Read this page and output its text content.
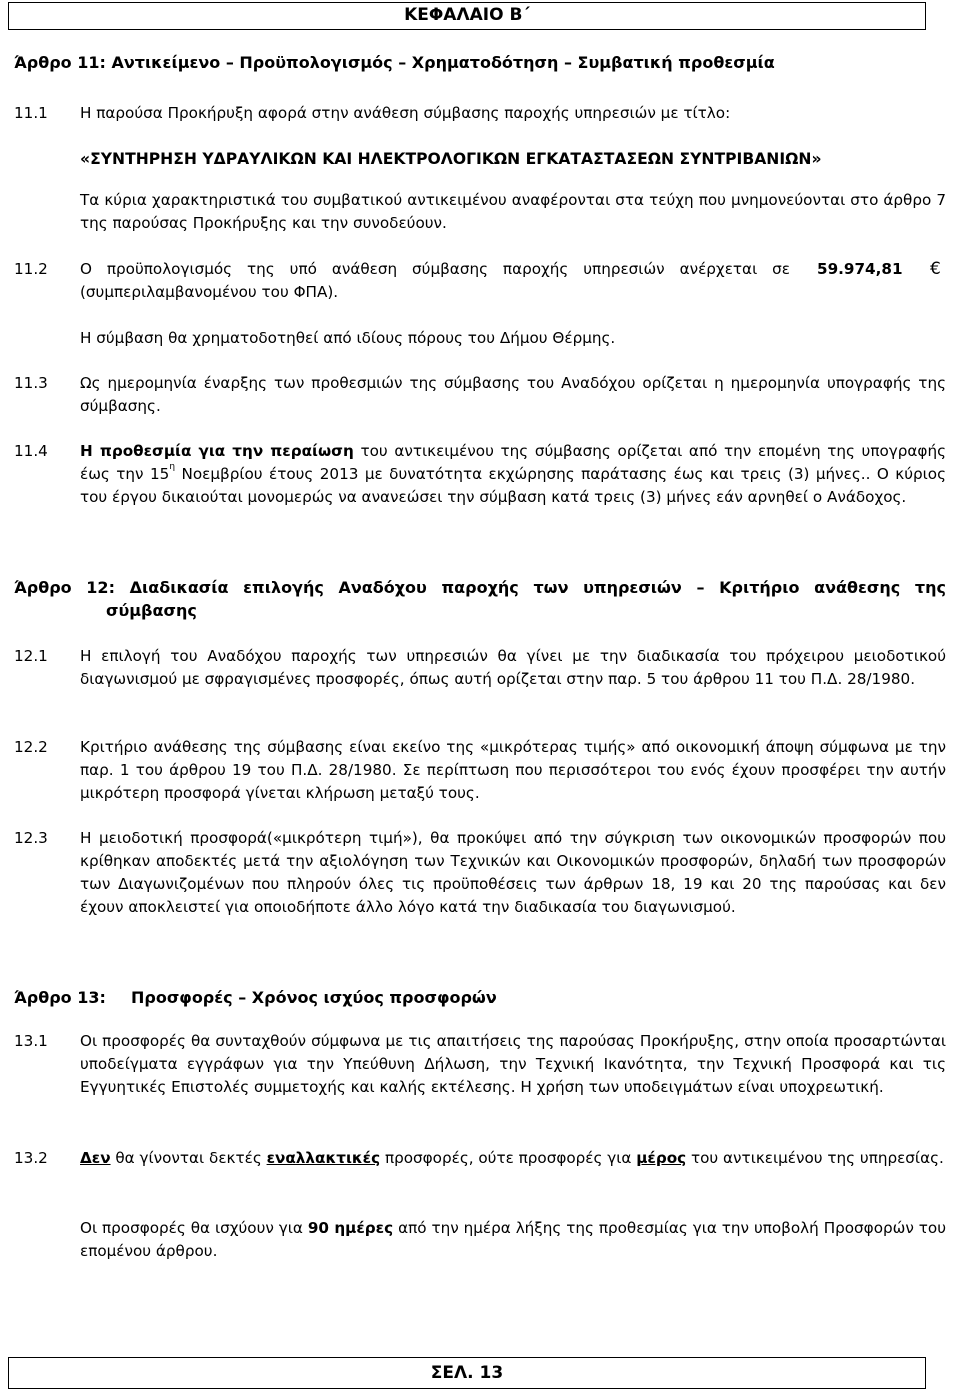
ΚΕΦΑΛΑΙΟ Β΄
Άρθρο 11: Αντικείμενο – Προϋπολογισμός – Χρηματοδότηση – Συμβατική προθεσμία
11.1 Η παρούσα Προκήρυξη αφορά στην ανάθεση σύμβασης παροχής υπηρεσιών με τίτλο:
«ΣΥΝΤΗΡΗΣΗ ΥΔΡΑΥΛΙΚΩΝ ΚΑΙ ΗΛΕΚΤΡΟΛΟΓΙΚΩΝ ΕΓΚΑΤΑΣΤΑΣΕΩΝ ΣΥΝΤΡΙΒΑΝΙΩΝ»
Τα κύρια χαρακτηριστικά του συμβατικού αντικειμένου αναφέρονται στα τεύχη που μνημονεύονται στο άρθρο 7 της παρούσας Προκήρυξης και την συνοδεύουν.
11.2 Ο προϋπολογισμός της υπό ανάθεση σύμβασης παροχής υπηρεσιών ανέρχεται σε 59.974,81 €
(συμπεριλαμβανομένου του ΦΠΑ).
Η σύμβαση θα χρηματοδοτηθεί από ιδίους πόρους του Δήμου Θέρμης.
11.3 Ως ημερομηνία έναρξης των προθεσμιών της σύμβασης του Αναδόχου ορίζεται η ημερομηνία υπογραφής της σύμβασης.
11.4 Η προθεσμία για την περαίωση του αντικειμένου της σύμβασης ορίζεται από την επομένη της υπογραφής έως την $15^\eta$ Νοεμβρίου έτους 2013 με δυνατότητα εκχώρησης παράτασης έως και τρεις (3) μήνες.. Ο κύριος του έργου δικαιούται μονομερώς να ανανεώσει την σύμβαση κατά τρεις (3) μήνες εάν αρνηθεί ο Ανάδοχος.
Άρθρο 12: Διαδικασία επιλογής Αναδόχου παροχής των υπηρεσιών – Κριτήριο ανάθεσης της
σύμβασης
12.1 Η επιλογή του Αναδόχου παροχής των υπηρεσιών θα γίνει με την διαδικασία του πρόχειρου μειοδοτικού διαγωνισμού με σφραγισμένες προσφορές, όπως αυτή ορίζεται στην παρ. 5 του άρθρου 11 του Π.Δ. 28/1980.
12.2 Κριτήριο ανάθεσης της σύμβασης είναι εκείνο της «μικρότερας τιμής» από οικονομική άποψη σύμφωνα με την παρ. 1 του άρθρου 19 του Π.Δ. 28/1980. Σε περίπτωση που περισσότεροι του ενός έχουν προσφέρει την αυτήν μικρότερη προσφορά γίνεται κλήρωση μεταξύ τους.
12.3 Η μειοδοτική προσφορά(«μικρότερη τιμή»), θα προκύψει από την σύγκριση των οικονομικών προσφορών που κρίθηκαν αποδεκτές μετά την αξιολόγηση των Τεχνικών και Οικονομικών προσφορών, δηλαδή των προσφορών των Διαγωνιζομένων που πληρούν όλες τις προϋποθέσεις των άρθρων 18, 19 και 20 της παρούσας και δεν έχουν αποκλειστεί για οποιοδήποτε άλλο λόγο κατά την διαδικασία του διαγωνισμού.
Άρθρο 13: Προσφορές – Χρόνος ισχύος προσφορών
13.1 Οι προσφορές θα συνταχθούν σύμφωνα με τις απαιτήσεις της παρούσας Προκήρυξης, στην οποία προσαρτώνται υποδείγματα εγγράφων για την Υπεύθυνη Δήλωση, την Τεχνική Ικανότητα, την Τεχνική Προσφορά και τις Εγγυητικές Επιστολές συμμετοχής και καλής εκτέλεσης. Η χρήση των υποδειγμάτων είναι υποχρεωτική.
13.2 Δεν θα γίνονται δεκτές εναλλακτικές προσφορές, ούτε προσφορές για μέρος του αντικειμένου της υπηρεσίας.
Οι προσφορές θα ισχύουν για 90 ημέρες από την ημέρα λήξης της προθεσμίας για την υποβολή Προσφορών του επομένου άρθρου.
ΣΕΛ. 13
